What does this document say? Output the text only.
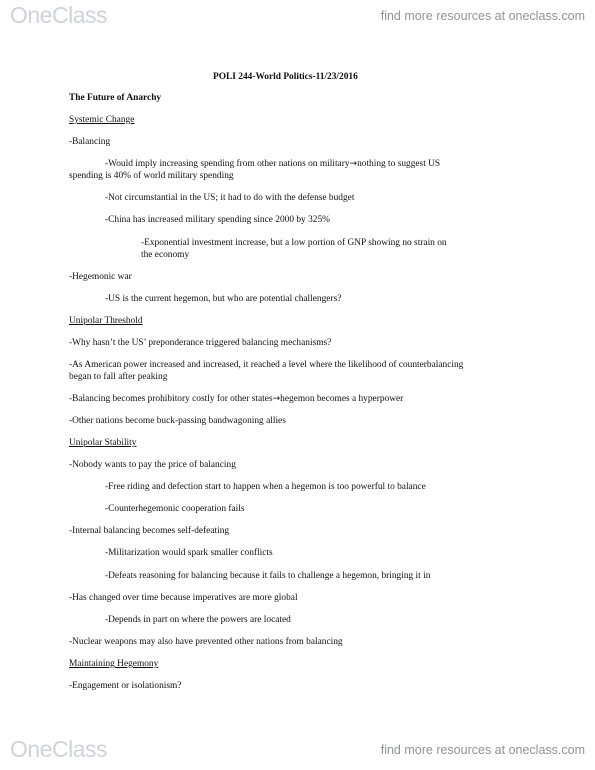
OneClass	find more resources at oneclass.com
POLI 244-World Politics-11/23/2016
The Future of Anarchy
Systemic Change
-Balancing
-Would imply increasing spending from other nations on military→nothing to suggest US
spending is 40% of world military spending
-Not circumstantial in the US; it had to do with the defense budget
-China has increased military spending since 2000 by 325%
-Exponential investment increase, but a low portion of GNP showing no strain on
the economy
-Hegemonic war
-US is the current hegemon, but who are potential challengers?
Unipolar Threshold
-Why hasn’t the US’ preponderance triggered balancing mechanisms?
-As American power increased and increased, it reached a level where the likelihood of counterbalancing
began to fall after peaking
-Balancing becomes prohibitory costly for other states→hegemon becomes a hyperpower
-Other nations become buck-passing bandwagoning allies
Unipolar Stability
-Nobody wants to pay the price of balancing
-Free riding and defection start to happen when a hegemon is too powerful to balance
-Counterhegemonic cooperation fails
-Internal balancing becomes self-defeating
-Militarization would spark smaller conflicts
-Defeats reasoning for balancing because it fails to challenge a hegemon, bringing it in
-Has changed over time because imperatives are more global
-Depends in part on where the powers are located
-Nuclear weapons may also have prevented other nations from balancing
Maintaining Hegemony
-Engagement or isolationism?
OneClass	find more resources at oneclass.com
